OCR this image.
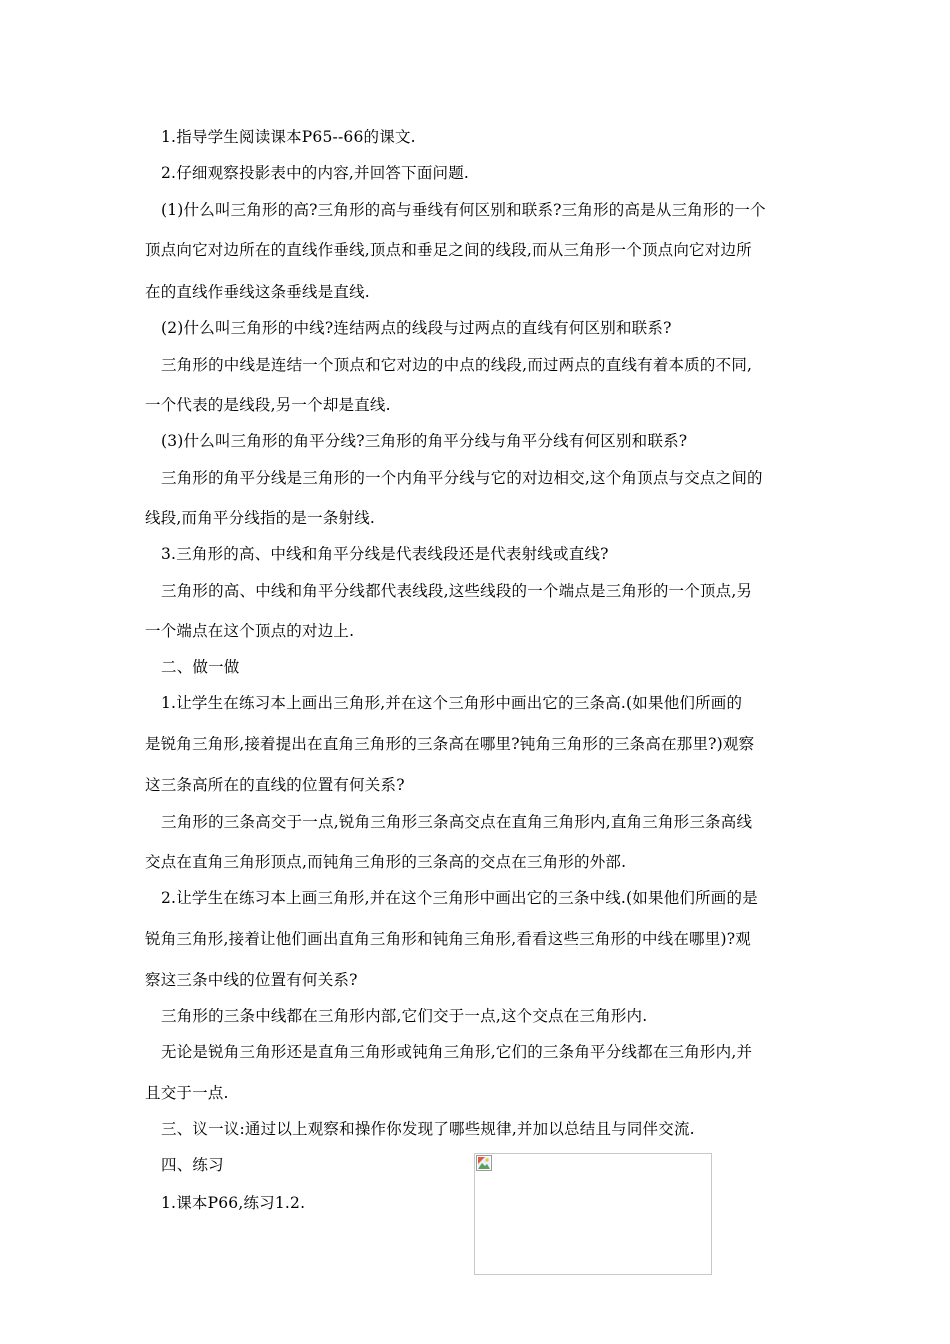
1.指导学生阅读课本P65--66的课文.
2.仔细观察投影表中的内容,并回答下面问题.
(1)什么叫三角形的高?三角形的高与垂线有何区别和联系?三角形的高是从三角形的一个
顶点向它对边所在的直线作垂线,顶点和垂足之间的线段,而从三角形一个顶点向它对边所
在的直线作垂线这条垂线是直线.
(2)什么叫三角形的中线?连结两点的线段与过两点的直线有何区别和联系?
三角形的中线是连结一个顶点和它对边的中点的线段,而过两点的直线有着本质的不同,
一个代表的是线段,另一个却是直线.
(3)什么叫三角形的角平分线?三角形的角平分线与角平分线有何区别和联系?
三角形的角平分线是三角形的一个内角平分线与它的对边相交,这个角顶点与交点之间的
线段,而角平分线指的是一条射线.
3.三角形的高、中线和角平分线是代表线段还是代表射线或直线?
三角形的高、中线和角平分线都代表线段,这些线段的一个端点是三角形的一个顶点,另
一个端点在这个顶点的对边上.
二、做一做
1.让学生在练习本上画出三角形,并在这个三角形中画出它的三条高.(如果他们所画的
是锐角三角形,接着提出在直角三角形的三条高在哪里?钝角三角形的三条高在那里?)观察
这三条高所在的直线的位置有何关系?
三角形的三条高交于一点,锐角三角形三条高交点在直角三角形内,直角三角形三条高线
交点在直角三角形顶点,而钝角三角形的三条高的交点在三角形的外部.
2.让学生在练习本上画三角形,并在这个三角形中画出它的三条中线.(如果他们所画的是
锐角三角形,接着让他们画出直角三角形和钝角三角形,看看这些三角形的中线在哪里)?观
察这三条中线的位置有何关系?
三角形的三条中线都在三角形内部,它们交于一点,这个交点在三角形内.
无论是锐角三角形还是直角三角形或钝角三角形,它们的三条角平分线都在三角形内,并
且交于一点.
三、议一议:通过以上观察和操作你发现了哪些规律,并加以总结且与同伴交流.
四、练习
1.课本P66,练习1.2.
